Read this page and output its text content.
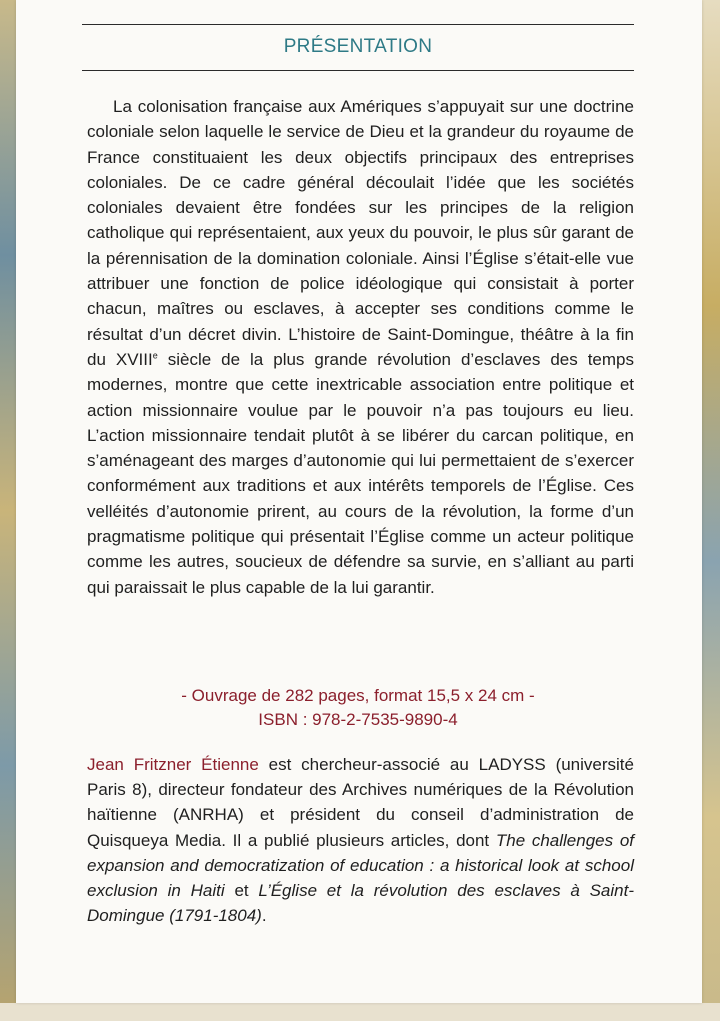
PRÉSENTATION

La colonisation française aux Amériques s’appuyait sur une doctrine coloniale selon laquelle le service de Dieu et la grandeur du royaume de France constituaient les deux objectifs principaux des entreprises coloniales. De ce cadre général découlait l’idée que les sociétés coloniales devaient être fondées sur les principes de la religion catholique qui représentaient, aux yeux du pouvoir, le plus sûr garant de la pérennisation de la domination coloniale. Ainsi l’Église s’était-elle vue attribuer une fonction de police idéologique qui consistait à porter chacun, maîtres ou esclaves, à accepter ses conditions comme le résultat d’un décret divin. L’histoire de Saint-Domingue, théâtre à la fin du XVIIIe siècle de la plus grande révolution d’esclaves des temps modernes, montre que cette inextricable association entre politique et action missionnaire voulue par le pouvoir n’a pas toujours eu lieu. L’action missionnaire tendait plutôt à se libérer du carcan politique, en s’aménageant des marges d’autonomie qui lui permettaient de s’exercer conformément aux traditions et aux intérêts temporels de l’Église. Ces velléités d’autonomie prirent, au cours de la révolution, la forme d’un pragmatisme politique qui présentait l’Église comme un acteur politique comme les autres, soucieux de défendre sa survie, en s’alliant au parti qui paraissait le plus capable de la lui garantir.

- Ouvrage de 282 pages, format 15,5 x 24 cm -
ISBN : 978-2-7535-9890-4

Jean Fritzner Étienne est chercheur-associé au LADYSS (université Paris 8), directeur fondateur des Archives numériques de la Révolution haïtienne (ANRHA) et président du conseil d’administration de Quisqueya Media. Il a publié plusieurs articles, dont The challenges of expansion and democratization of education : a historical look at school exclusion in Haiti et L’Église et la révolution des esclaves à Saint-Domingue (1791-1804).
